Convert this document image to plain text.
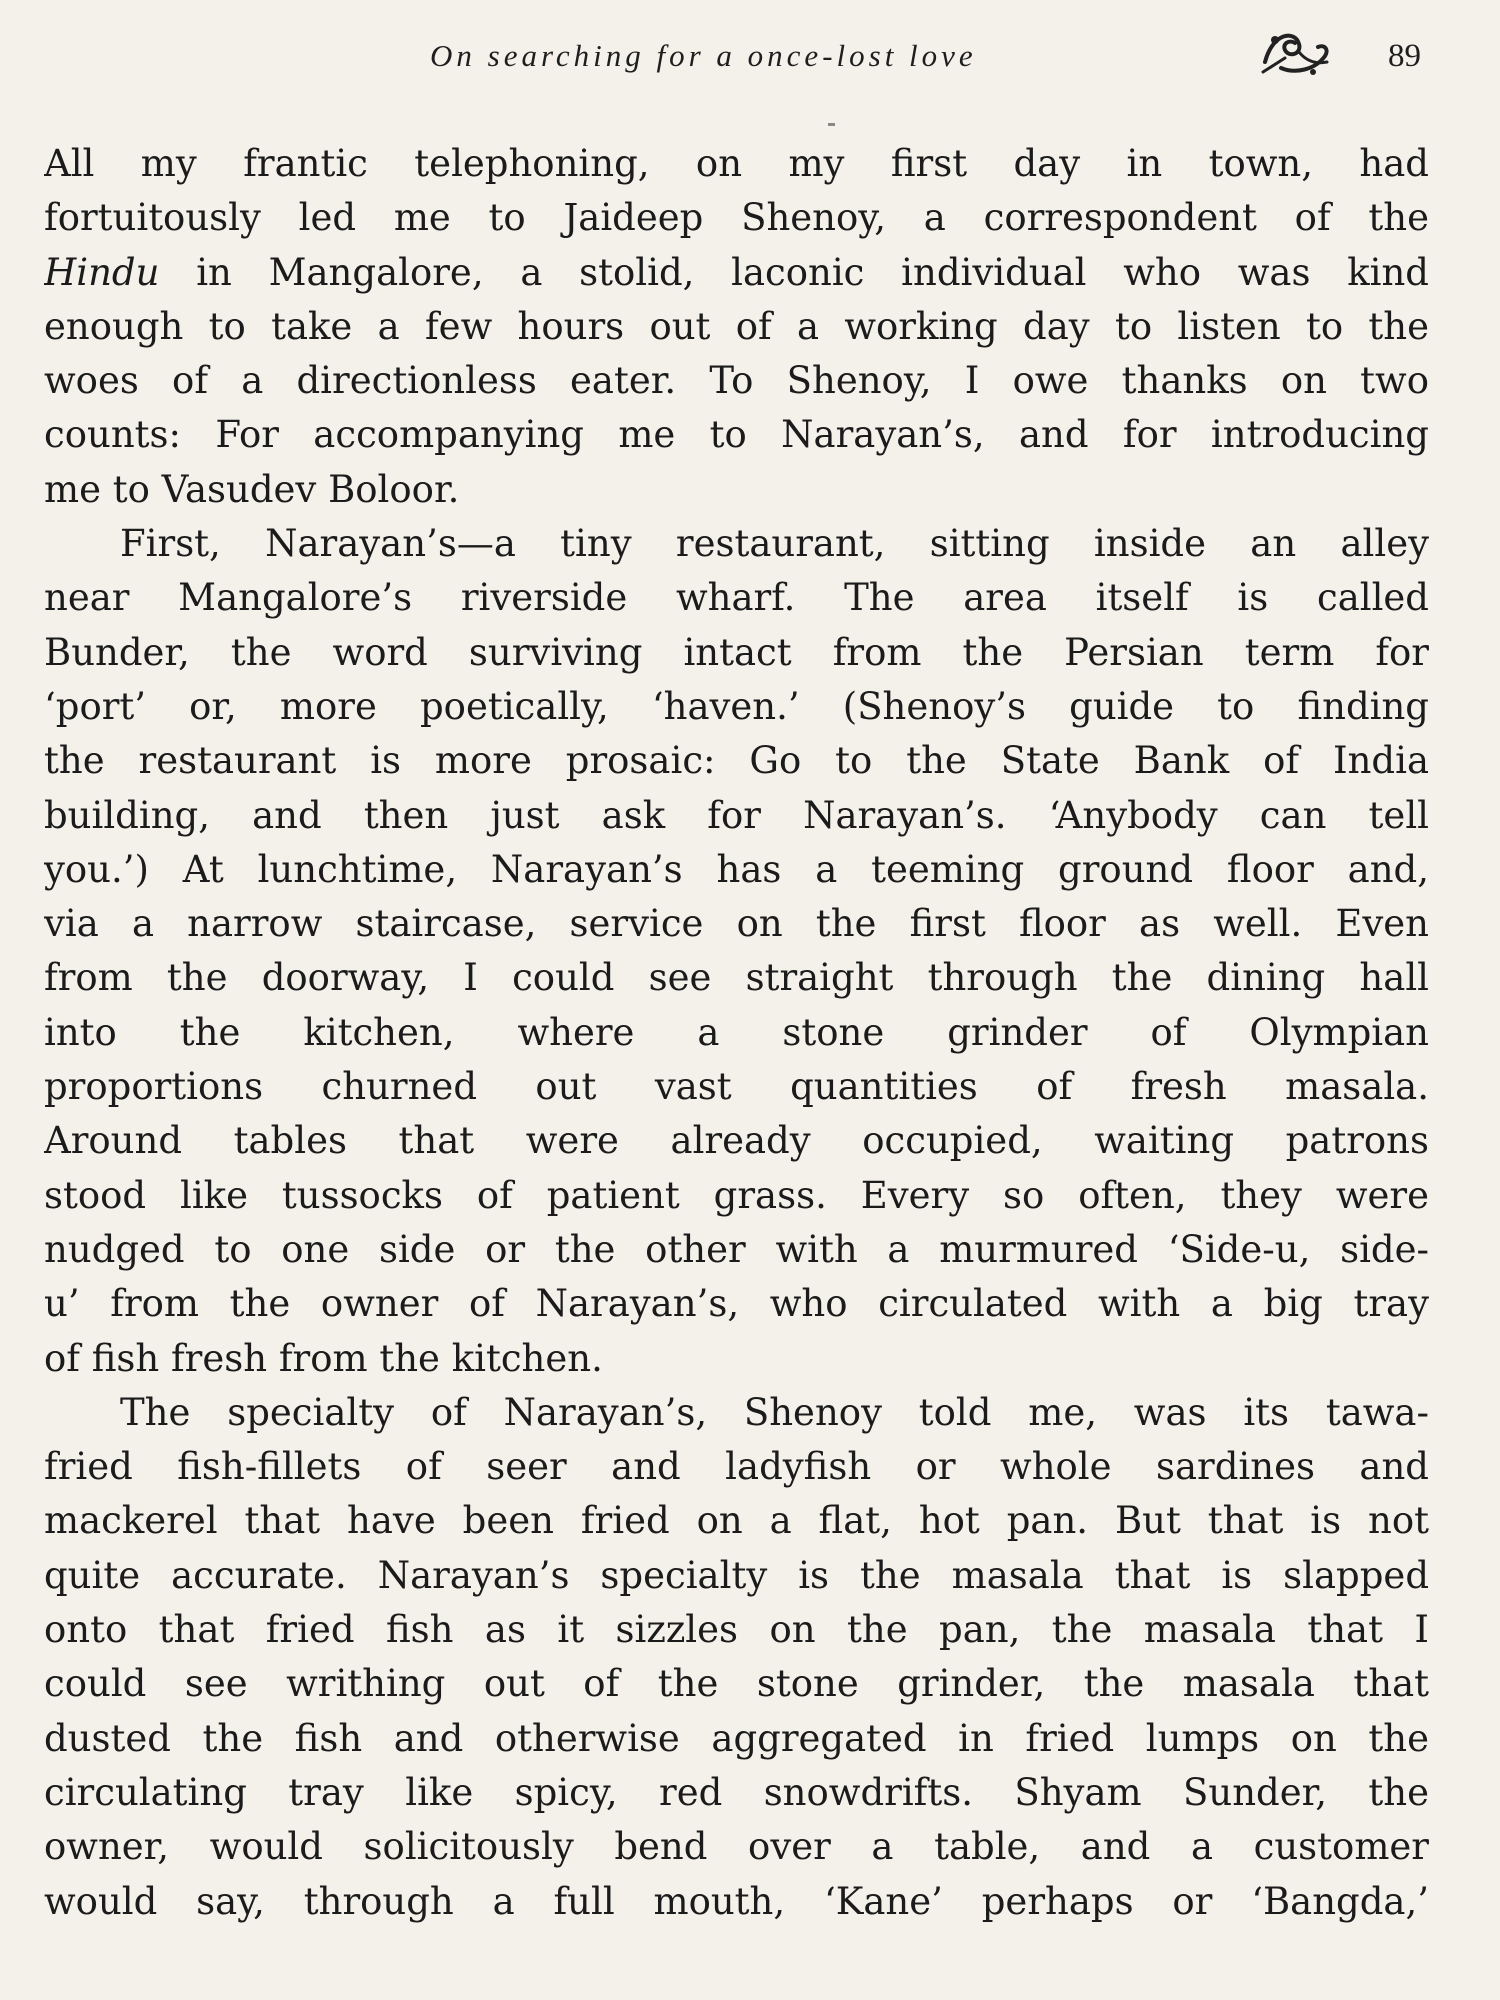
On searching for a once-lost love	89
All my frantic telephoning, on my first day in town, had
fortuitously led me to Jaideep Shenoy, a correspondent of the
Hindu in Mangalore, a stolid, laconic individual who was kind
enough to take a few hours out of a working day to listen to the
woes of a directionless eater. To Shenoy, I owe thanks on two
counts: For accompanying me to Narayan’s, and for introducing
me to Vasudev Boloor.
First, Narayan’s—a tiny restaurant, sitting inside an alley
near Mangalore’s riverside wharf. The area itself is called
Bunder, the word surviving intact from the Persian term for
‘port’ or, more poetically, ‘haven.’ (Shenoy’s guide to finding
the restaurant is more prosaic: Go to the State Bank of India
building, and then just ask for Narayan’s. ‘Anybody can tell
you.’) At lunchtime, Narayan’s has a teeming ground floor and,
via a narrow staircase, service on the first floor as well. Even
from the doorway, I could see straight through the dining hall
into the kitchen, where a stone grinder of Olympian
proportions churned out vast quantities of fresh masala.
Around tables that were already occupied, waiting patrons
stood like tussocks of patient grass. Every so often, they were
nudged to one side or the other with a murmured ‘Side-u, side-
u’ from the owner of Narayan’s, who circulated with a big tray
of fish fresh from the kitchen.
The specialty of Narayan’s, Shenoy told me, was its tawa-
fried fish-fillets of seer and ladyfish or whole sardines and
mackerel that have been fried on a flat, hot pan. But that is not
quite accurate. Narayan’s specialty is the masala that is slapped
onto that fried fish as it sizzles on the pan, the masala that I
could see writhing out of the stone grinder, the masala that
dusted the fish and otherwise aggregated in fried lumps on the
circulating tray like spicy, red snowdrifts. Shyam Sunder, the
owner, would solicitously bend over a table, and a customer
would say, through a full mouth, ‘Kane’ perhaps or ‘Bangda,’
